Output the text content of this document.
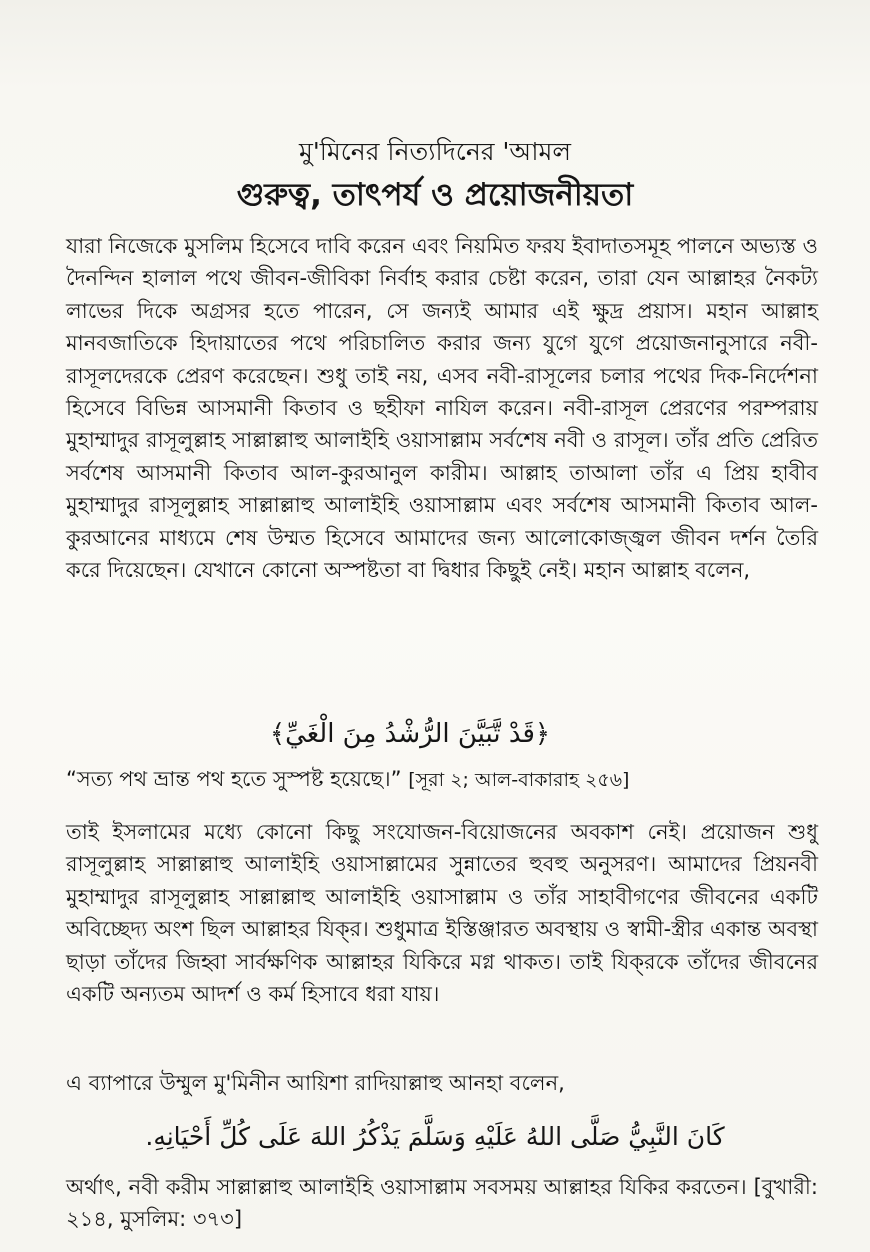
মু'মিনের নিত্যদিনের 'আমল
গুরুত্ব, তাৎপর্য ও প্রয়োজনীয়তা

যারা নিজেকে মুসলিম হিসেবে দাবি করেন এবং নিয়মিত ফরয ইবাদাতসমূহ পালনে অভ্যস্ত ও দৈনন্দিন হালাল পথে জীবন-জীবিকা নির্বাহ করার চেষ্টা করেন, তারা যেন আল্লাহর নৈকট্য লাভের দিকে অগ্রসর হতে পারেন, সে জন্যই আমার এই ক্ষুদ্র প্রয়াস। মহান আল্লাহ মানবজাতিকে হিদায়াতের পথে পরিচালিত করার জন্য যুগে যুগে প্রয়োজনানুসারে নবী-রাসূলদেরকে প্রেরণ করেছেন। শুধু তাই নয়, এসব নবী-রাসূলের চলার পথের দিক-নির্দেশনা হিসেবে বিভিন্ন আসমানী কিতাব ও ছহীফা নাযিল করেন। নবী-রাসূল প্রেরণের পরম্পরায় মুহাম্মাদুর রাসূলুল্লাহ সাল্লাল্লাহু আলাইহি ওয়াসাল্লাম সর্বশেষ নবী ও রাসূল। তাঁর প্রতি প্রেরিত সর্বশেষ আসমানী কিতাব আল-কুরআনুল কারীম। আল্লাহ তাআলা তাঁর এ প্রিয় হাবীব মুহাম্মাদুর রাসূলুল্লাহ সাল্লাল্লাহু আলাইহি ওয়াসাল্লাম এবং সর্বশেষ আসমানী কিতাব আল-কুরআনের মাধ্যমে শেষ উম্মত হিসেবে আমাদের জন্য আলোকোজ্জ্বল জীবন দর্শন তৈরি করে দিয়েছেন। যেখানে কোনো অস্পষ্টতা বা দ্বিধার কিছুই নেই। মহান আল্লাহ বলেন,

﴿قَدْ تَّبَيَّنَ الرُّشْدُ مِنَ الْغَيِّ﴾
“সত্য পথ ভ্রান্ত পথ হতে সুস্পষ্ট হয়েছে।” [সূরা ২; আল-বাকারাহ ২৫৬]

তাই ইসলামের মধ্যে কোনো কিছু সংযোজন-বিয়োজনের অবকাশ নেই। প্রয়োজন শুধু রাসূলুল্লাহ সাল্লাল্লাহু আলাইহি ওয়াসাল্লামের সুন্নাতের হুবহু অনুসরণ। আমাদের প্রিয়নবী মুহাম্মাদুর রাসূলুল্লাহ সাল্লাল্লাহু আলাইহি ওয়াসাল্লাম ও তাঁর সাহাবীগণের জীবনের একটি অবিচ্ছেদ্য অংশ ছিল আল্লাহর যিক্‌র। শুধুমাত্র ইস্তিঞ্জারত অবস্থায় ও স্বামী-স্ত্রীর একান্ত অবস্থা ছাড়া তাঁদের জিহ্বা সার্বক্ষণিক আল্লাহর যিকিরে মগ্ন থাকত। তাই যিক্‌রকে তাঁদের জীবনের একটি অন্যতম আদর্শ ও কর্ম হিসাবে ধরা যায়।

এ ব্যাপারে উম্মুল মু'মিনীন আয়িশা রাদিয়াল্লাহু আনহা বলেন,

كَانَ النَّبِيُّ صَلَّى اللهُ عَلَيْهِ وَسَلَّمَ يَذْكُرُ اللهَ عَلَى كُلِّ أَحْيَانِهِ.

অর্থাৎ, নবী করীম সাল্লাল্লাহু আলাইহি ওয়াসাল্লাম সবসময় আল্লাহর যিকির করতেন। [বুখারী: ২১৪, মুসলিম: ৩৭৩]
